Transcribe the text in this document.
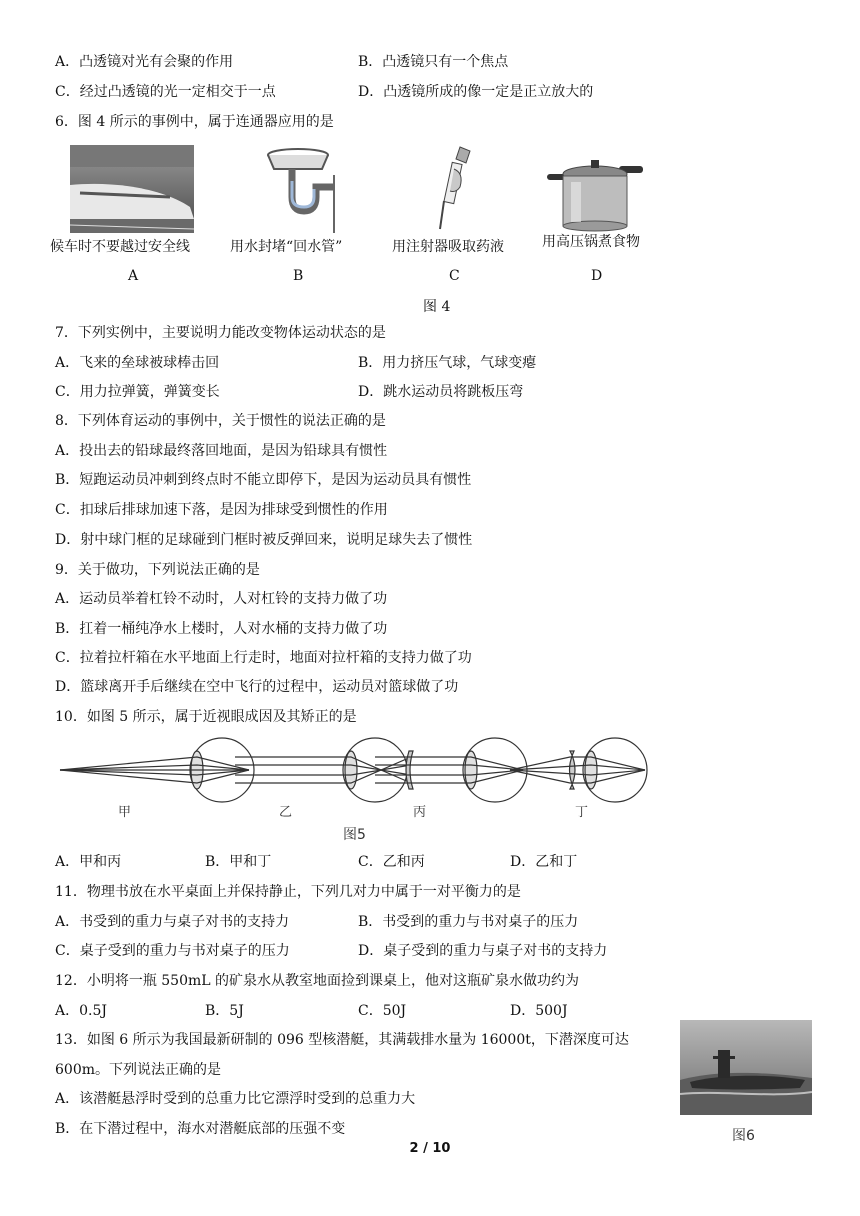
A．凸透镜对光有会聚的作用	B．凸透镜只有一个焦点
C．经过凸透镜的光一定相交于一点	D．凸透镜所成的像一定是正立放大的
6．图 4 所示的事例中，属于连通器应用的是
候车时不要越过安全线	用水封堵“回水管”	用注射器吸取药液	用高压锅煮食物
A	B	C	D
图 4
7．下列实例中，主要说明力能改变物体运动状态的是
A．飞来的垒球被球棒击回	B．用力挤压气球，气球变瘪
C．用力拉弹簧，弹簧变长	D．跳水运动员将跳板压弯
8．下列体育运动的事例中，关于惯性的说法正确的是
A．投出去的铅球最终落回地面，是因为铅球具有惯性
B．短跑运动员冲刺到终点时不能立即停下，是因为运动员具有惯性
C．扣球后排球加速下落，是因为排球受到惯性的作用
D．射中球门框的足球碰到门框时被反弹回来，说明足球失去了惯性
9．关于做功，下列说法正确的是
A．运动员举着杠铃不动时，人对杠铃的支持力做了功
B．扛着一桶纯净水上楼时，人对水桶的支持力做了功
C．拉着拉杆箱在水平地面上行走时，地面对拉杆箱的支持力做了功
D．篮球离开手后继续在空中飞行的过程中，运动员对篮球做了功
10．如图 5 所示，属于近视眼成因及其矫正的是
甲	乙	丙	丁
图5
A．甲和丙	B．甲和丁	C．乙和丙	D．乙和丁
11．物理书放在水平桌面上并保持静止，下列几对力中属于一对平衡力的是
A．书受到的重力与桌子对书的支持力	B．书受到的重力与书对桌子的压力
C．桌子受到的重力与书对桌子的压力	D．桌子受到的重力与桌子对书的支持力
12．小明将一瓶 550mL 的矿泉水从教室地面捡到课桌上，他对这瓶矿泉水做功约为
A．0.5J	B．5J	C．50J	D．500J
13．如图 6 所示为我国最新研制的 096 型核潜艇，其满载排水量为 16000t，下潜深度可达
600m。下列说法正确的是
A．该潜艇悬浮时受到的总重力比它漂浮时受到的总重力大
B．在下潜过程中，海水对潜艇底部的压强不变	图6
2 / 10
